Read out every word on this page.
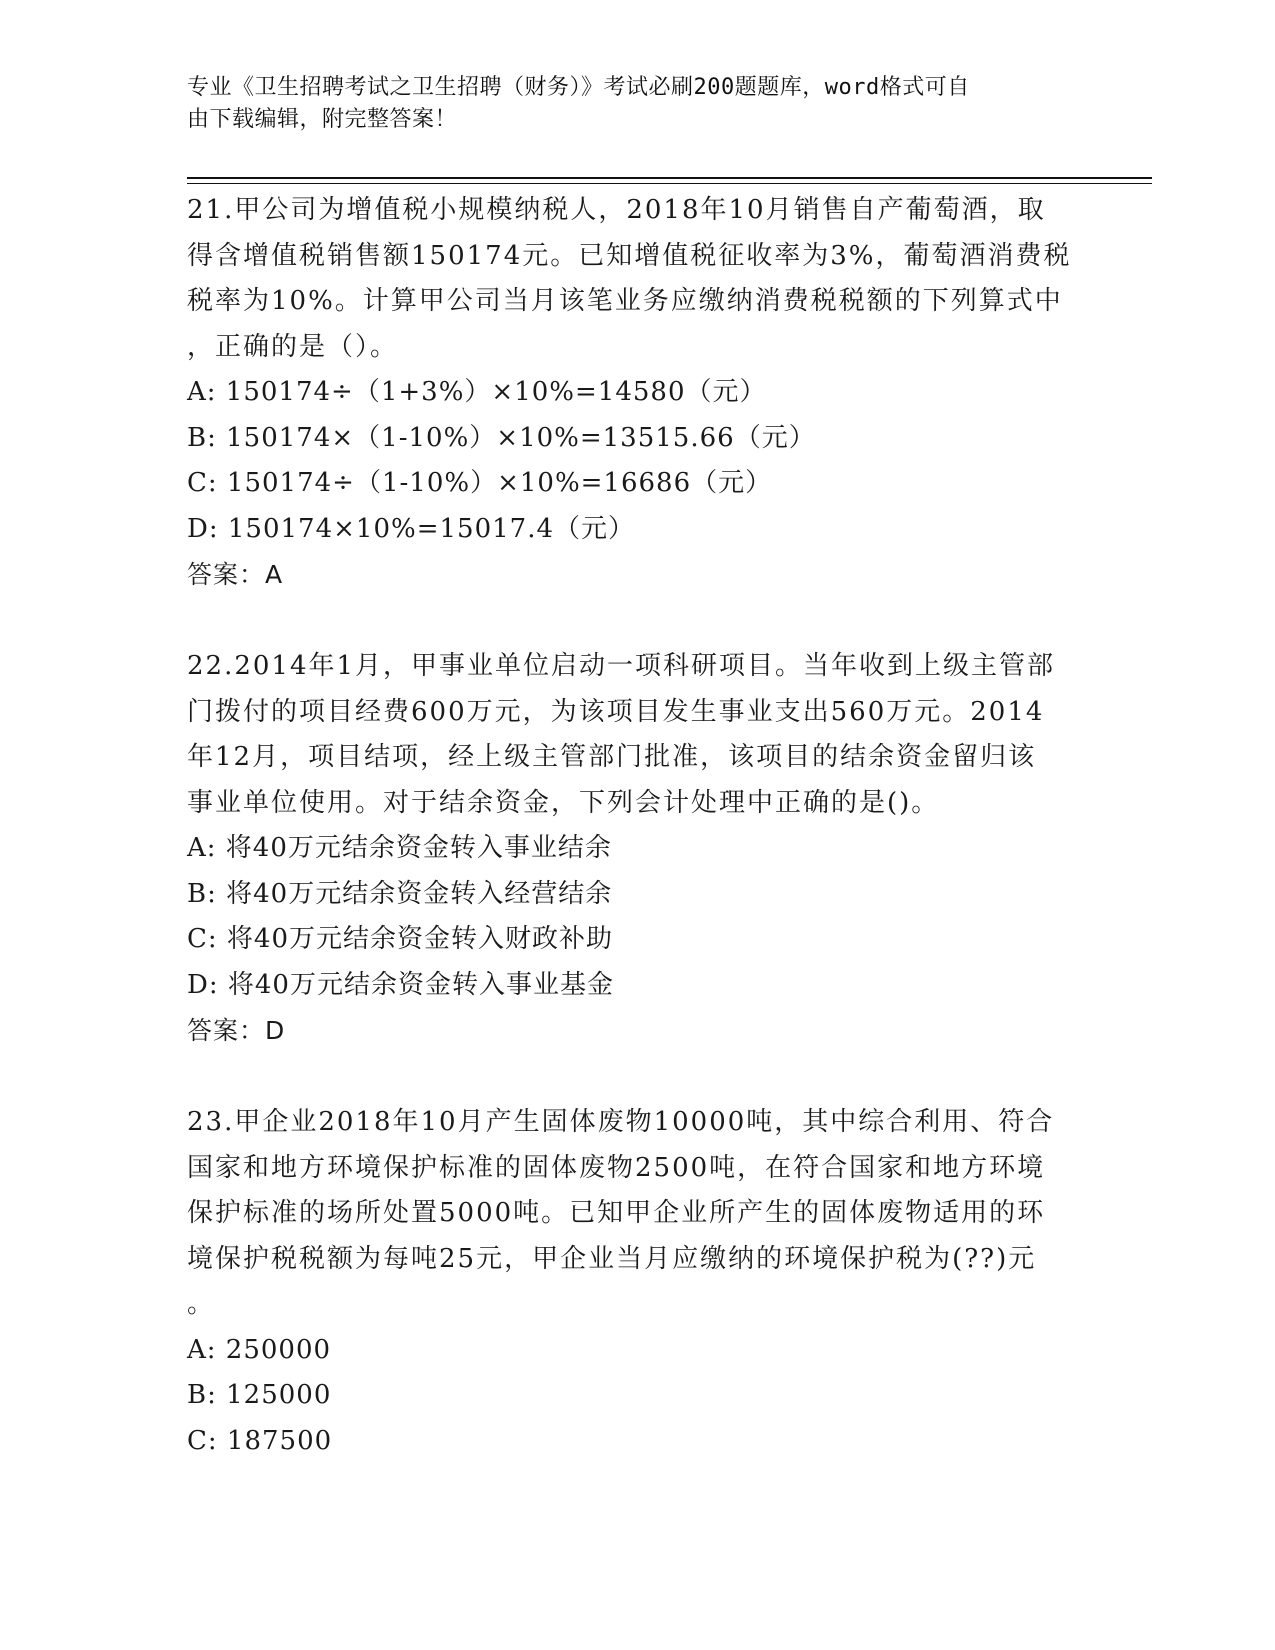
专业《卫生招聘考试之卫生招聘（财务）》考试必刷200题题库，word格式可自
由下载编辑，附完整答案！
21.甲公司为增值税小规模纳税人，2018年10月销售自产葡萄酒，取
得含增值税销售额150174元。已知增值税征收率为3%，葡萄酒消费税
税率为10%。计算甲公司当月该笔业务应缴纳消费税税额的下列算式中
，正确的是（）。
A: 150174÷（1+3%）×10%=14580（元）
B: 150174×（1-10%）×10%=13515.66（元）
C: 150174÷（1-10%）×10%=16686（元）
D: 150174×10%=15017.4（元）
答案：A
22.2014年1月，甲事业单位启动一项科研项目。当年收到上级主管部
门拨付的项目经费600万元，为该项目发生事业支出560万元。2014
年12月，项目结项，经上级主管部门批准，该项目的结余资金留归该
事业单位使用。对于结余资金，下列会计处理中正确的是()。
A: 将40万元结余资金转入事业结余
B: 将40万元结余资金转入经营结余
C: 将40万元结余资金转入财政补助
D: 将40万元结余资金转入事业基金
答案：D
23.甲企业2018年10月产生固体废物10000吨，其中综合利用、符合
国家和地方环境保护标准的固体废物2500吨，在符合国家和地方环境
保护标准的场所处置5000吨。已知甲企业所产生的固体废物适用的环
境保护税税额为每吨25元，甲企业当月应缴纳的环境保护税为(??)元
。
A: 250000
B: 125000
C: 187500
